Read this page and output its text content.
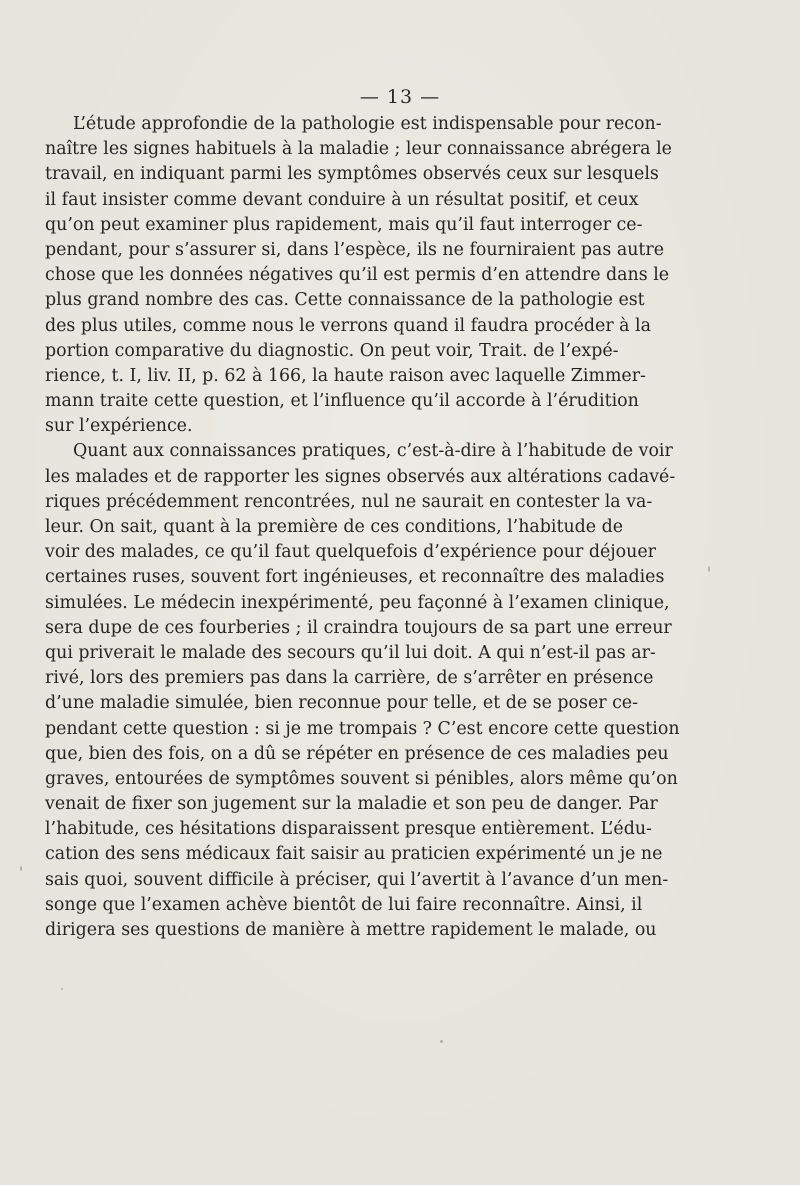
— 13 —
L’étude approfondie de la pathologie est indispensable pour recon-
naître les signes habituels à la maladie ; leur connaissance abrégera le
travail, en indiquant parmi les symptômes observés ceux sur lesquels
il faut insister comme devant conduire à un résultat positif, et ceux
qu’on peut examiner plus rapidement, mais qu’il faut interroger ce-
pendant, pour s’assurer si, dans l’espèce, ils ne fourniraient pas autre
chose que les données négatives qu’il est permis d’en attendre dans le
plus grand nombre des cas. Cette connaissance de la pathologie est
des plus utiles, comme nous le verrons quand il faudra procéder à la
portion comparative du diagnostic. On peut voir, Trait. de l’expé-
rience, t. I, liv. II, p. 62 à 166, la haute raison avec laquelle Zimmer-
mann traite cette question, et l’influence qu’il accorde à l’érudition
sur l’expérience.
Quant aux connaissances pratiques, c’est-à-dire à l’habitude de voir
les malades et de rapporter les signes observés aux altérations cadavé-
riques précédemment rencontrées, nul ne saurait en contester la va-
leur. On sait, quant à la première de ces conditions, l’habitude de
voir des malades, ce qu’il faut quelquefois d’expérience pour déjouer
certaines ruses, souvent fort ingénieuses, et reconnaître des maladies
simulées. Le médecin inexpérimenté, peu façonné à l’examen clinique,
sera dupe de ces fourberies ; il craindra toujours de sa part une erreur
qui priverait le malade des secours qu’il lui doit. A qui n’est-il pas ar-
rivé, lors des premiers pas dans la carrière, de s’arrêter en présence
d’une maladie simulée, bien reconnue pour telle, et de se poser ce-
pendant cette question : si je me trompais ? C’est encore cette question
que, bien des fois, on a dû se répéter en présence de ces maladies peu
graves, entourées de symptômes souvent si pénibles, alors même qu’on
venait de fixer son jugement sur la maladie et son peu de danger. Par
l’habitude, ces hésitations disparaissent presque entièrement. L’édu-
cation des sens médicaux fait saisir au praticien expérimenté un je ne
sais quoi, souvent difficile à préciser, qui l’avertit à l’avance d’un men-
songe que l’examen achève bientôt de lui faire reconnaître. Ainsi, il
dirigera ses questions de manière à mettre rapidement le malade, ou
